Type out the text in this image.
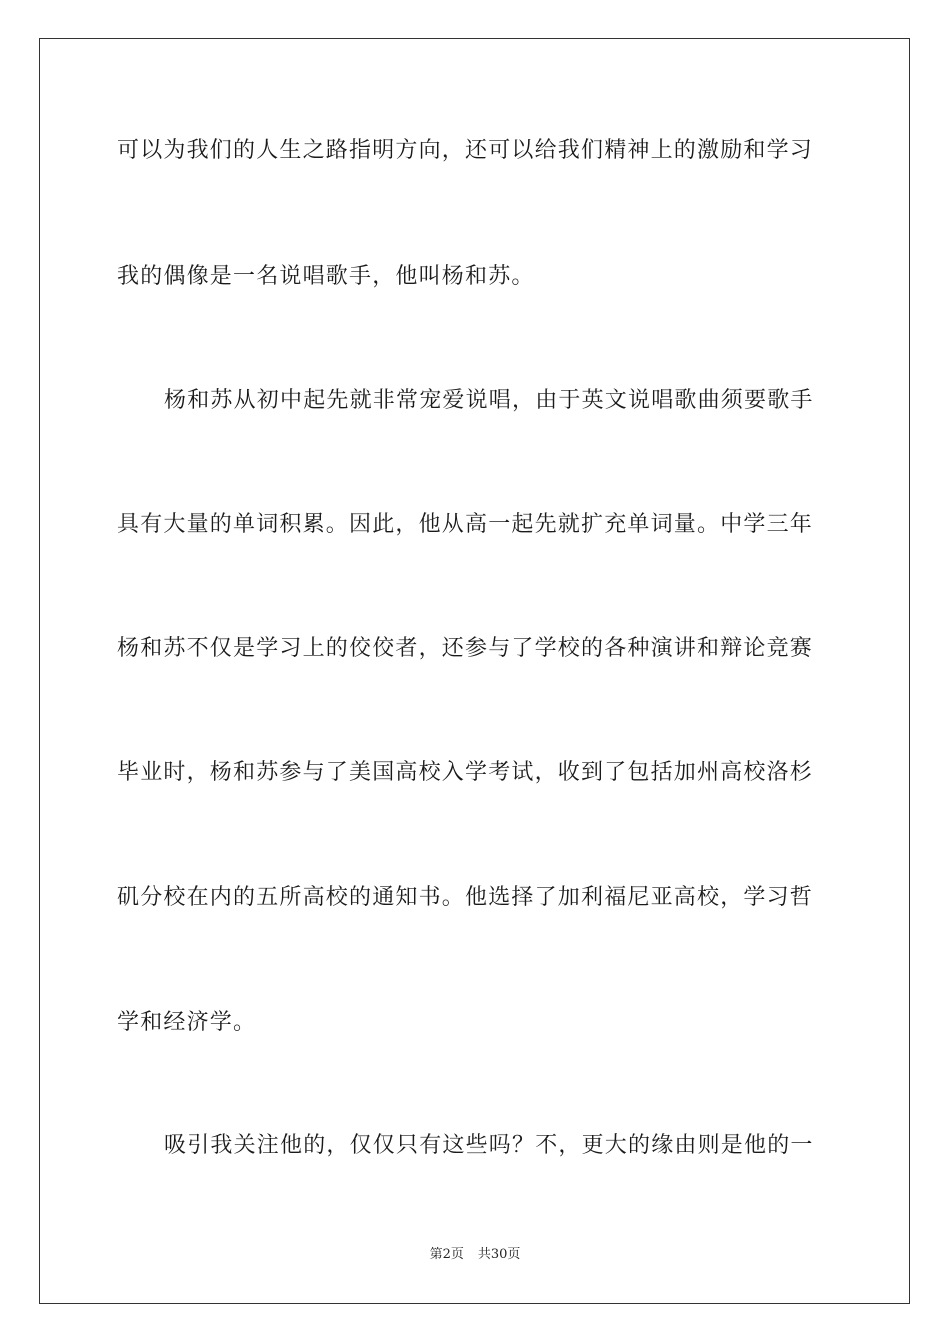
可以为我们的人生之路指明方向，还可以给我们精神上的激励和学习
我的偶像是一名说唱歌手，他叫杨和苏。
杨和苏从初中起先就非常宠爱说唱，由于英文说唱歌曲须要歌手
具有大量的单词积累。因此，他从高一起先就扩充单词量。中学三年
杨和苏不仅是学习上的佼佼者，还参与了学校的各种演讲和辩论竞赛
毕业时，杨和苏参与了美国高校入学考试，收到了包括加州高校洛杉
矶分校在内的五所高校的通知书。他选择了加利福尼亚高校，学习哲
学和经济学。
吸引我关注他的，仅仅只有这些吗？不，更大的缘由则是他的一
第2页 共30页
